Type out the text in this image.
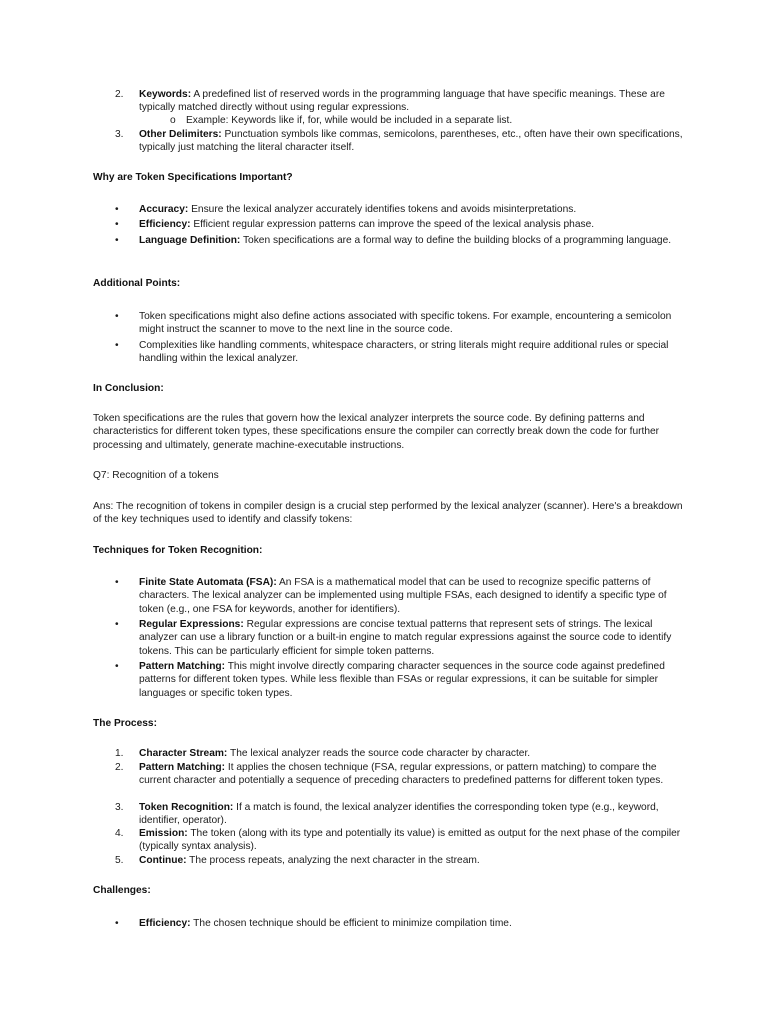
2. Keywords: A predefined list of reserved words in the programming language that have specific meanings. These are typically matched directly without using regular expressions.
o Example: Keywords like if, for, while would be included in a separate list.
3. Other Delimiters: Punctuation symbols like commas, semicolons, parentheses, etc., often have their own specifications, typically just matching the literal character itself.
Why are Token Specifications Important?
• Accuracy: Ensure the lexical analyzer accurately identifies tokens and avoids misinterpretations.
• Efficiency: Efficient regular expression patterns can improve the speed of the lexical analysis phase.
• Language Definition: Token specifications are a formal way to define the building blocks of a programming language.
Additional Points:
• Token specifications might also define actions associated with specific tokens. For example, encountering a semicolon might instruct the scanner to move to the next line in the source code.
• Complexities like handling comments, whitespace characters, or string literals might require additional rules or special handling within the lexical analyzer.
In Conclusion:
Token specifications are the rules that govern how the lexical analyzer interprets the source code. By defining patterns and characteristics for different token types, these specifications ensure the compiler can correctly break down the code for further processing and ultimately, generate machine-executable instructions.
Q7: Recognition of a tokens
Ans: The recognition of tokens in compiler design is a crucial step performed by the lexical analyzer (scanner). Here's a breakdown of the key techniques used to identify and classify tokens:
Techniques for Token Recognition:
• Finite State Automata (FSA): An FSA is a mathematical model that can be used to recognize specific patterns of characters. The lexical analyzer can be implemented using multiple FSAs, each designed to identify a specific type of token (e.g., one FSA for keywords, another for identifiers).
• Regular Expressions: Regular expressions are concise textual patterns that represent sets of strings. The lexical analyzer can use a library function or a built-in engine to match regular expressions against the source code to identify tokens. This can be particularly efficient for simple token patterns.
• Pattern Matching: This might involve directly comparing character sequences in the source code against predefined patterns for different token types. While less flexible than FSAs or regular expressions, it can be suitable for simpler languages or specific token types.
The Process:
1. Character Stream: The lexical analyzer reads the source code character by character.
2. Pattern Matching: It applies the chosen technique (FSA, regular expressions, or pattern matching) to compare the current character and potentially a sequence of preceding characters to predefined patterns for different token types.
3. Token Recognition: If a match is found, the lexical analyzer identifies the corresponding token type (e.g., keyword, identifier, operator).
4. Emission: The token (along with its type and potentially its value) is emitted as output for the next phase of the compiler (typically syntax analysis).
5. Continue: The process repeats, analyzing the next character in the stream.
Challenges:
• Efficiency: The chosen technique should be efficient to minimize compilation time.
